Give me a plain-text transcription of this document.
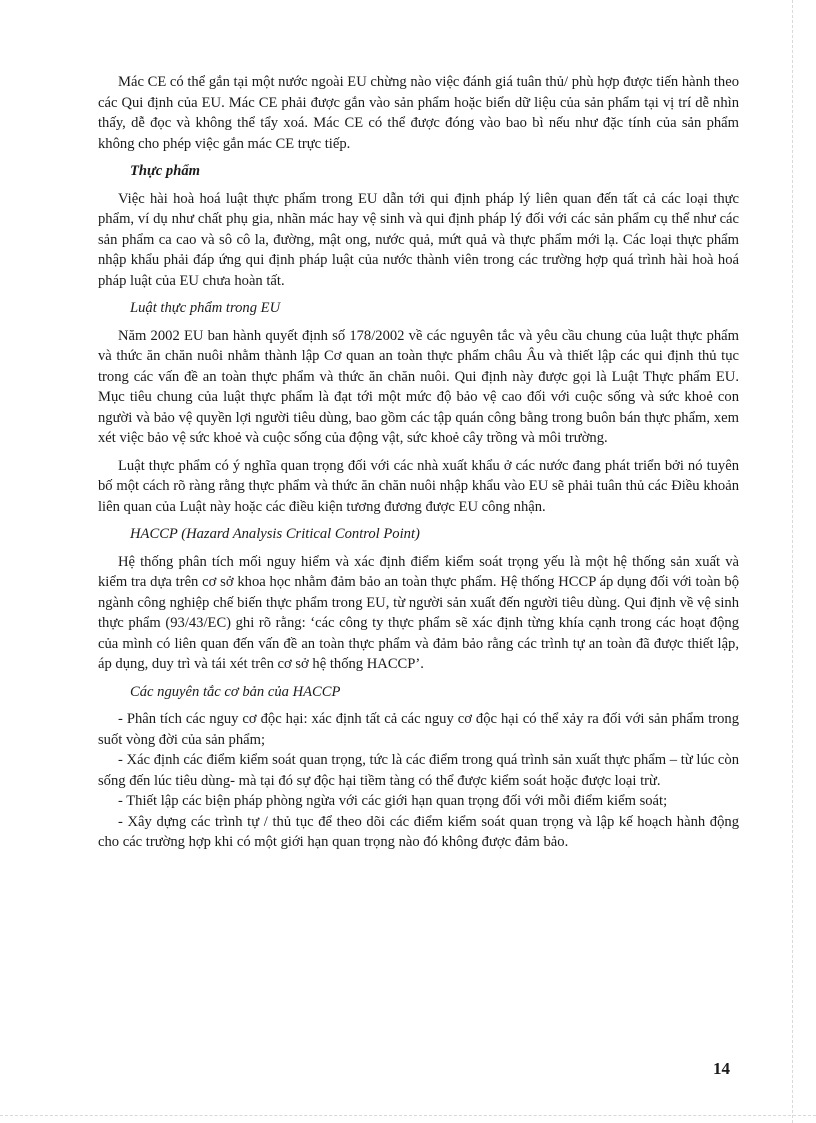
Mác CE có thể gắn tại một nước ngoài EU chừng nào việc đánh giá tuân thủ/ phù hợp được tiến hành theo các Qui định của EU. Mác CE phải được gắn vào sản phẩm hoặc biển dữ liệu của sản phẩm tại vị trí dễ nhìn thấy, dễ đọc và không thể tẩy xoá. Mác CE có thể được đóng vào bao bì nếu như đặc tính của sản phẩm không cho phép việc gắn mác CE trực tiếp.

Thực phẩm

Việc hài hoà hoá luật thực phẩm trong EU dẫn tới qui định pháp lý liên quan đến tất cả các loại thực phẩm, ví dụ như chất phụ gia, nhãn mác hay vệ sinh và qui định pháp lý đối với các sản phẩm cụ thể như các sản phẩm ca cao và sô cô la, đường, mật ong, nước quả, mứt quả và thực phẩm mới lạ. Các loại thực phẩm nhập khẩu phải đáp ứng qui định pháp luật của nước thành viên trong các trường hợp quá trình hài hoà hoá pháp luật của EU chưa hoàn tất.

Luật thực phẩm trong EU

Năm 2002 EU ban hành quyết định số 178/2002 về các nguyên tắc và yêu cầu chung của luật thực phẩm và thức ăn chăn nuôi nhằm thành lập Cơ quan an toàn thực phẩm châu Âu và thiết lập các qui định thủ tục trong các vấn đề an toàn thực phẩm và thức ăn chăn nuôi. Qui định này được gọi là Luật Thực phẩm EU. Mục tiêu chung của luật thực phẩm là đạt tới một mức độ bảo vệ cao đối với cuộc sống và sức khoẻ con người và bảo vệ quyền lợi người tiêu dùng, bao gồm các tập quán công bằng trong buôn bán thực phẩm, xem xét việc bảo vệ sức khoẻ và cuộc sống của động vật, sức khoẻ cây trồng và môi trường.

Luật thực phẩm có ý nghĩa quan trọng đối với các nhà xuất khẩu ở các nước đang phát triển bởi nó tuyên bố một cách rõ ràng rằng thực phẩm và thức ăn chăn nuôi nhập khẩu vào EU sẽ phải tuân thủ các Điều khoản liên quan của Luật này hoặc các điều kiện tương đương được EU công nhận.

HACCP (Hazard Analysis Critical Control Point)

Hệ thống phân tích mối nguy hiểm và xác định điểm kiểm soát trọng yếu là một hệ thống sản xuất và kiểm tra dựa trên cơ sở khoa học nhằm đảm bảo an toàn thực phẩm. Hệ thống HCCP áp dụng đối với toàn bộ ngành công nghiệp chế biến thực phẩm trong EU, từ người sản xuất đến người tiêu dùng. Qui định về vệ sinh thực phẩm (93/43/EC) ghi rõ rằng: ‘các công ty thực phẩm sẽ xác định từng khía cạnh trong các hoạt động của mình có liên quan đến vấn đề an toàn thực phẩm và đảm bảo rằng các trình tự an toàn đã được thiết lập, áp dụng, duy trì và tái xét trên cơ sở hệ thống HACCP’.

Các nguyên tắc cơ bản của HACCP
- Phân tích các nguy cơ độc hại: xác định tất cả các nguy cơ độc hại có thể xảy ra đối với sản phẩm trong suốt vòng đời của sản phẩm;
- Xác định các điểm kiểm soát quan trọng, tức là các điểm trong quá trình sản xuất thực phẩm – từ lúc còn sống đến lúc tiêu dùng- mà tại đó sự độc hại tiềm tàng có thể được kiểm soát hoặc được loại trừ.
- Thiết lập các biện pháp phòng ngừa với các giới hạn quan trọng đối với mỗi điểm kiểm soát;
- Xây dựng các trình tự / thủ tục để theo dõi các điểm kiểm soát quan trọng và lập kế hoạch hành động cho các trường hợp khi có một giới hạn quan trọng nào đó không được đảm bảo.
14
